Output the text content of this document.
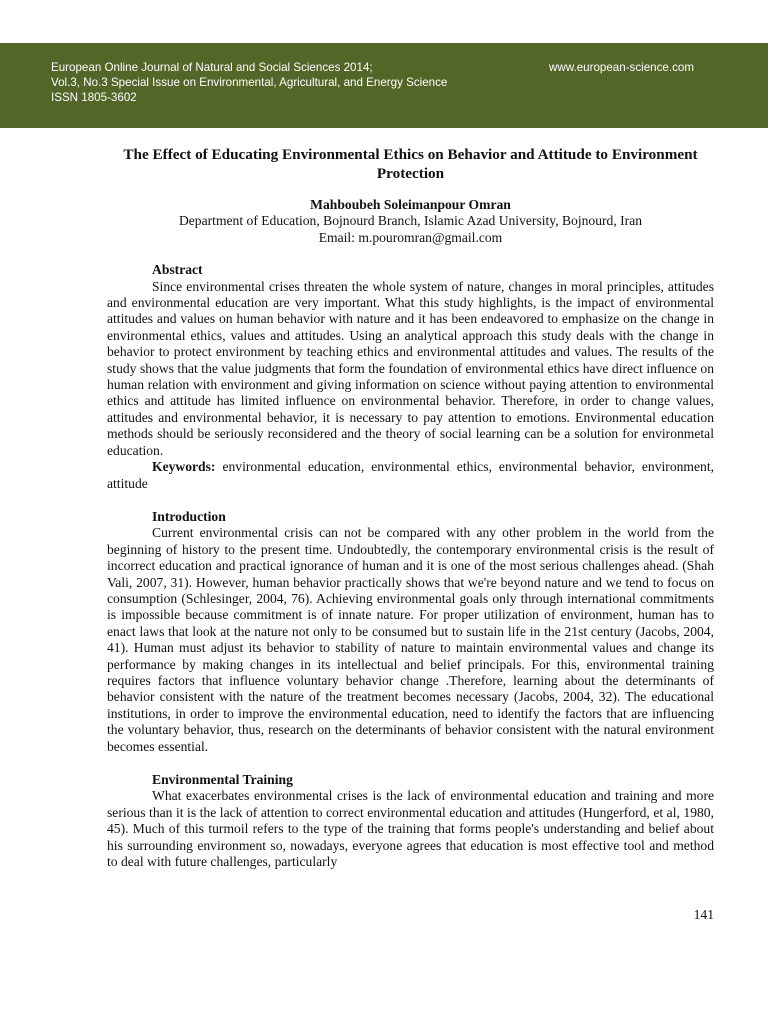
European Online Journal of Natural and Social Sciences 2014;
Vol.3, No.3 Special Issue on Environmental, Agricultural, and Energy Science
ISSN 1805-3602
www.european-science.com
The Effect of Educating Environmental Ethics on Behavior and Attitude to Environment Protection
Mahboubeh Soleimanpour Omran
Department of Education, Bojnourd Branch, Islamic Azad University, Bojnourd, Iran
Email: m.pouromran@gmail.com
Abstract

Since environmental crises threaten the whole system of nature, changes in moral principles, attitudes and environmental education are very important. What this study highlights, is the impact of environmental attitudes and values on human behavior with nature and it has been endeavored to emphasize on the change in environmental ethics, values and attitudes. Using an analytical approach this study deals with the change in behavior to protect environment by teaching ethics and environmental attitudes and values. The results of the study shows that the value judgments that form the foundation of environmental ethics have direct influence on human relation with environment and giving information on science without paying attention to environmental ethics and attitude has limited influence on environmental behavior. Therefore, in order to change values, attitudes and environmental behavior, it is necessary to pay attention to emotions. Environmental education methods should be seriously reconsidered and the theory of social learning can be a solution for environmetal education.

Keywords: environmental education, environmental ethics, environmental behavior, environment, attitude

Introduction

Current environmental crisis can not be compared with any other problem in the world from the beginning of history to the present time. Undoubtedly, the contemporary environmental crisis is the result of incorrect education and practical ignorance of human and it is one of the most serious challenges ahead. (Shah Vali, 2007, 31). However, human behavior practically shows that we're beyond nature and we tend to focus on consumption (Schlesinger, 2004, 76). Achieving environmental goals only through international commitments is impossible because commitment is of innate nature. For proper utilization of environment, human has to enact laws that look at the nature not only to be consumed but to sustain life in the 21st century (Jacobs, 2004, 41). Human must adjust its behavior to stability of nature to maintain environmental values and change its performance by making changes in its intellectual and belief principals. For this, environmental training requires factors that influence voluntary behavior change .Therefore, learning about the determinants of behavior consistent with the nature of the treatment becomes necessary (Jacobs, 2004, 32). The educational institutions, in order to improve the environmental education, need to identify the factors that are influencing the voluntary behavior, thus, research on the determinants of behavior consistent with the natural environment becomes essential.

Environmental Training

What exacerbates environmental crises is the lack of environmental education and training and more serious than it is the lack of attention to correct environmental education and attitudes (Hungerford, et al, 1980, 45). Much of this turmoil refers to the type of the training that forms people's understanding and belief about his surrounding environment so, nowadays, everyone agrees that education is most effective tool and method to deal with future challenges, particularly

141
